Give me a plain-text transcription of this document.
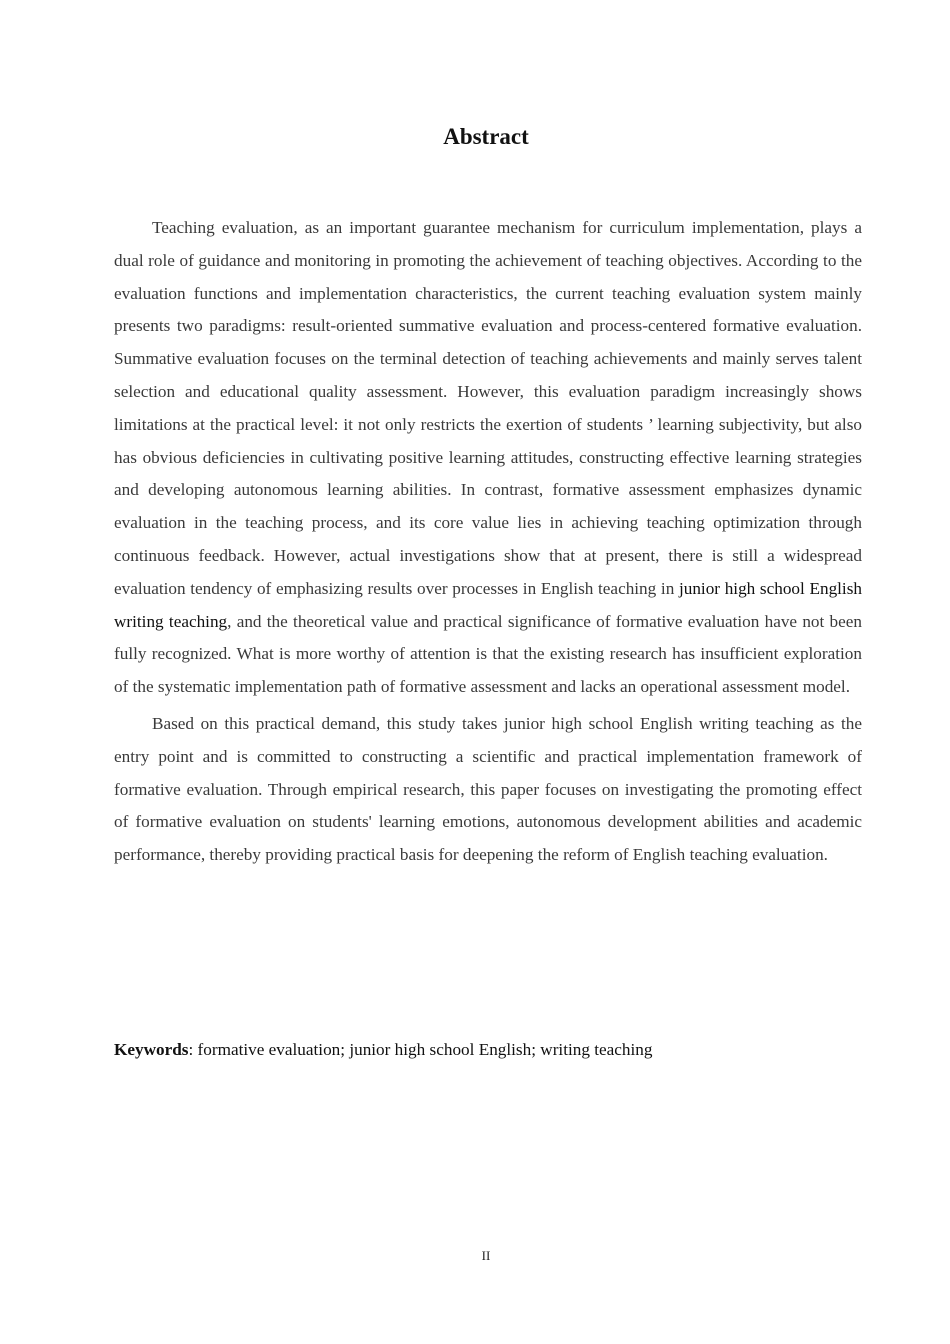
Abstract

Teaching evaluation, as an important guarantee mechanism for curriculum implementation, plays a dual role of guidance and monitoring in promoting the achievement of teaching objectives. According to the evaluation functions and implementation characteristics, the current teaching evaluation system mainly presents two paradigms: result-oriented summative evaluation and process-centered formative evaluation. Summative evaluation focuses on the terminal detection of teaching achievements and mainly serves talent selection and educational quality assessment. However, this evaluation paradigm increasingly shows limitations at the practical level: it not only restricts the exertion of students ’ learning subjectivity, but also has obvious deficiencies in cultivating positive learning attitudes, constructing effective learning strategies and developing autonomous learning abilities. In contrast, formative assessment emphasizes dynamic evaluation in the teaching process, and its core value lies in achieving teaching optimization through continuous feedback. However, actual investigations show that at present, there is still a widespread evaluation tendency of emphasizing results over processes in English teaching in junior high school English writing teaching, and the theoretical value and practical significance of formative evaluation have not been fully recognized. What is more worthy of attention is that the existing research has insufficient exploration of the systematic implementation path of formative assessment and lacks an operational assessment model.

Based on this practical demand, this study takes junior high school English writing teaching as the entry point and is committed to constructing a scientific and practical implementation framework of formative evaluation. Through empirical research, this paper focuses on investigating the promoting effect of formative evaluation on students' learning emotions, autonomous development abilities and academic performance, thereby providing practical basis for deepening the reform of English teaching evaluation.

Keywords: formative evaluation; junior high school English; writing teaching

II
